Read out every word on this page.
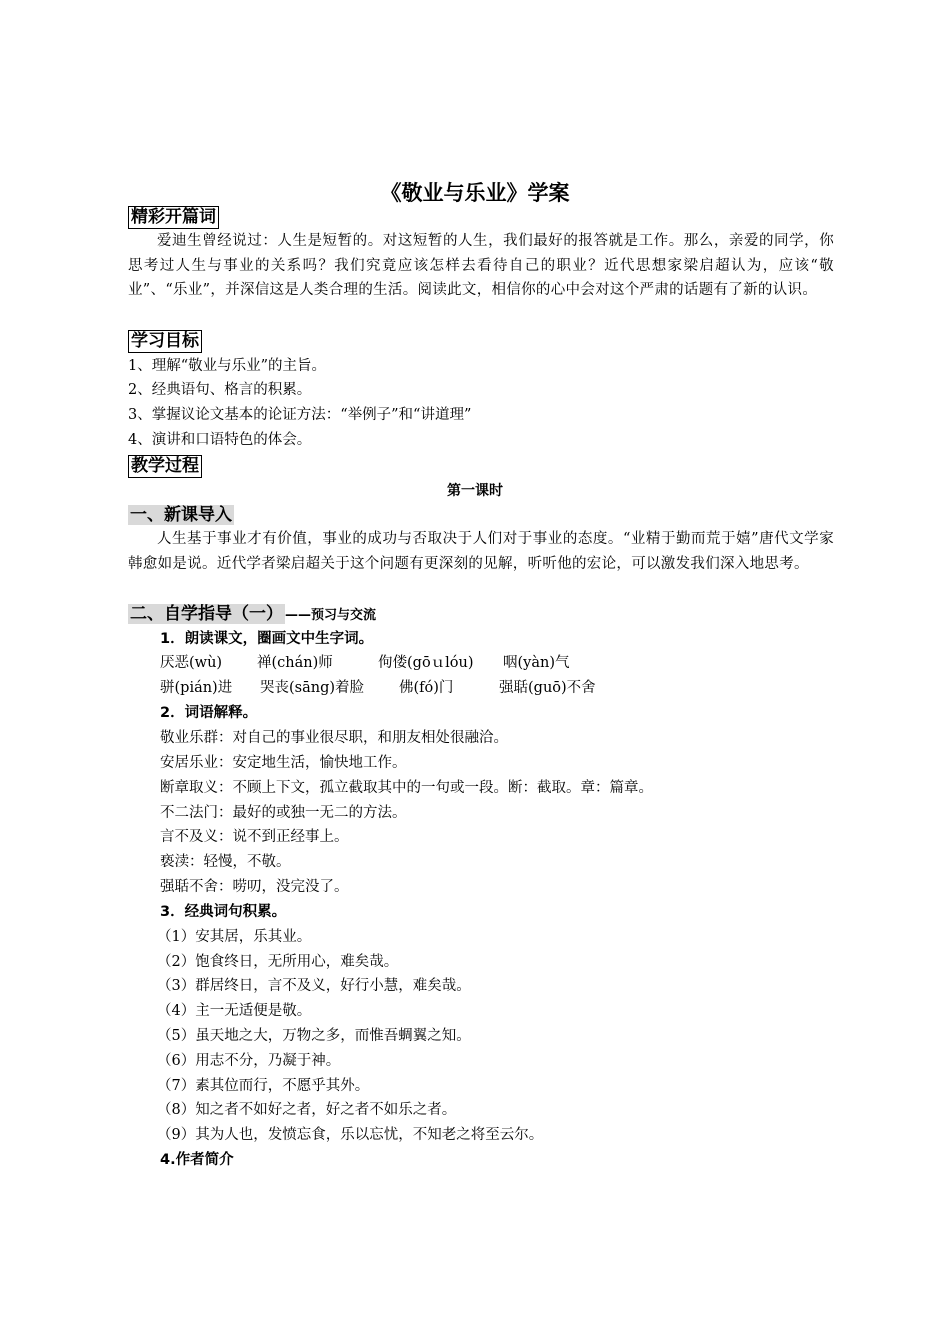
《敬业与乐业》学案
精彩开篇词
爱迪生曾经说过：人生是短暂的。对这短暂的人生，我们最好的报答就是工作。那么，亲爱的同学，你思考过人生与事业的关系吗？我们究竟应该怎样去看待自己的职业？近代思想家梁启超认为，应该“敬业”、“乐业”，并深信这是人类合理的生活。阅读此文，相信你的心中会对这个严肃的话题有了新的认识。
学习目标
1、理解“敬业与乐业”的主旨。
2、经典语句、格言的积累。
3、掌握议论文基本的论证方法：“举例子”和“讲道理”
4、演讲和口语特色的体会。
教学过程
第一课时
一、新课导入
人生基于事业才有价值，事业的成功与否取决于人们对于事业的态度。“业精于勤而荒于嬉”唐代文学家韩愈如是说。近代学者梁启超关于这个问题有更深刻的见解，听听他的宏论，可以激发我们深入地思考。
二、自学指导（一） ——预习与交流
1．朗读课文，圈画文中生字词。
厌恶(wù) 禅(chán)师	佝偻(gōｕlóu) 咽(yàn)气
骈(pián)进 哭丧(sāng)着脸 佛(fó)门	强聒(guō)不舍
2．词语解释。
敬业乐群：对自己的事业很尽职，和朋友相处很融洽。
安居乐业：安定地生活，愉快地工作。
断章取义：不顾上下文，孤立截取其中的一句或一段。断：截取。章：篇章。
不二法门：最好的或独一无二的方法。
言不及义：说不到正经事上。
亵渎：轻慢，不敬。
强聒不舍：唠叨，没完没了。
3．经典词句积累。
（1）安其居，乐其业。
（2）饱食终日，无所用心，难矣哉。
（3）群居终日，言不及义，好行小慧，难矣哉。
（4）主一无适便是敬。
（5）虽天地之大，万物之多，而惟吾蜩翼之知。
（6）用志不分，乃凝于神。
（7）素其位而行，不愿乎其外。
（8）知之者不如好之者，好之者不如乐之者。
（9）其为人也，发愤忘食，乐以忘忧，不知老之将至云尔。
4.作者简介
